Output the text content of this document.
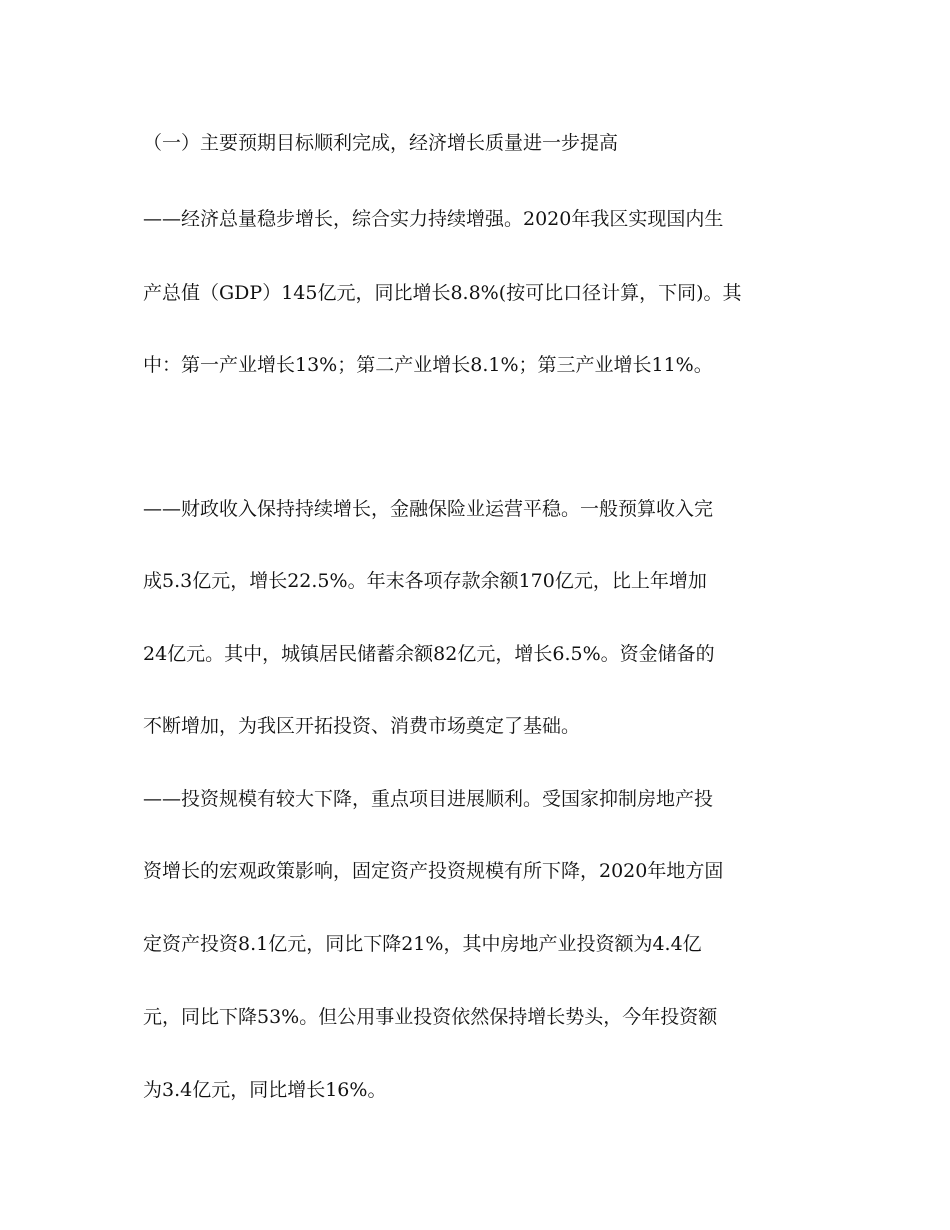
（一）主要预期目标顺利完成，经济增长质量进一步提高

——经济总量稳步增长，综合实力持续增强。2020年我区实现国内生

产总值（GDP）145亿元，同比增长8.8%(按可比口径计算，下同)。其

中：第一产业增长13%；第二产业增长8.1%；第三产业增长11%。

——财政收入保持持续增长，金融保险业运营平稳。一般预算收入完

成5.3亿元，增长22.5%。年末各项存款余额170亿元，比上年增加

24亿元。其中，城镇居民储蓄余额82亿元，增长6.5%。资金储备的

不断增加，为我区开拓投资、消费市场奠定了基础。

——投资规模有较大下降，重点项目进展顺利。受国家抑制房地产投

资增长的宏观政策影响，固定资产投资规模有所下降，2020年地方固

定资产投资8.1亿元，同比下降21%，其中房地产业投资额为4.4亿

元，同比下降53%。但公用事业投资依然保持增长势头，今年投资额

为3.4亿元，同比增长16%。
